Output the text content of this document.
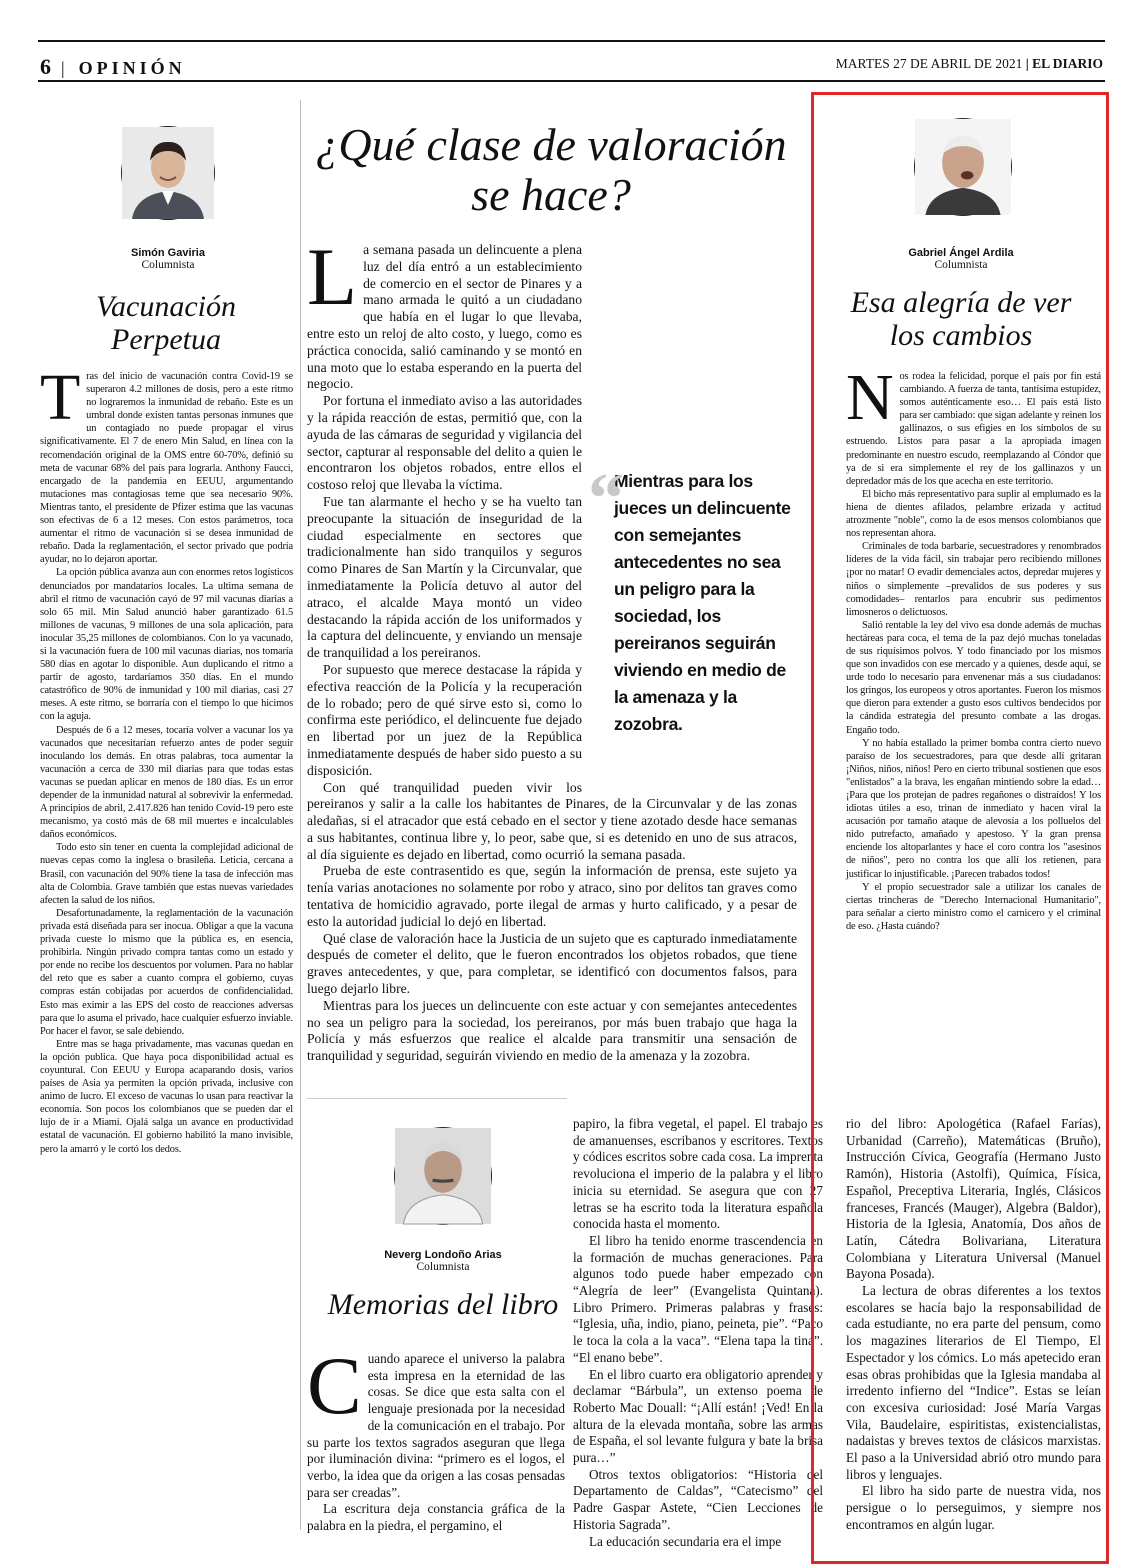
6 | OPINIÓN	MARTES 27 DE ABRIL DE 2021 | EL DIARIO
Simón Gaviria
Columnista
Vacunación
Perpetua
T ras del inicio de vacunación contra Covid-19 se superaron 4.2 millones de dosis, pero a este ritmo no lograremos la inmunidad de rebaño. Este es un umbral donde existen tantas personas inmunes que un contagiado no puede propagar el virus significativamente. El 7 de enero Min Salud, en línea con la recomendación original de la OMS entre 60-70%, definió su meta de vacunar 68% del país para lograrla. Anthony Faucci, encargado de la pandemia en EEUU, argumentando mutaciones mas contagiosas teme que sea necesario 90%. Mientras tanto, el presidente de Pfizer estima que las vacunas son efectivas de 6 a 12 meses. Con estos parámetros, toca aumentar el ritmo de vacunación si se desea inmunidad de rebaño. Dada la reglamentación, el sector privado que podría ayudar, no lo dejaron aportar.

La opción pública avanza aun con enormes retos logísticos denunciados por mandatarios locales. La ultima semana de abril el ritmo de vacunación cayó de 97 mil vacunas diarias a solo 65 mil. Min Salud anunció haber garantizado 61.5 millones de vacunas, 9 millones de una sola aplicación, para inocular 35,25 millones de colombianos. Con lo ya vacunado, si la vacunación fuera de 100 mil vacunas diarias, nos tomaría 580 días en agotar lo disponible. Aun duplicando el ritmo a partir de agosto, tardaríamos 350 días. En el mundo catastrófico de 90% de inmunidad y 100 mil diarias, casi 27 meses. A este ritmo, se borraría con el tiempo lo que hicimos con la aguja.

Después de 6 a 12 meses, tocaría volver a vacunar los ya vacunados que necesitarían refuerzo antes de poder seguir inoculando los demás. En otras palabras, toca aumentar la vacunación a cerca de 330 mil diarias para que todas estas vacunas se puedan aplicar en menos de 180 días. Es un error depender de la inmunidad natural al sobrevivir la enfermedad. A principios de abril, 2.417.826 han tenido Covid-19 pero este mecanismo, ya costó más de 68 mil muertes e incalculables daños económicos.

Todo esto sin tener en cuenta la complejidad adicional de nuevas cepas como la inglesa o brasileña. Leticia, cercana a Brasil, con vacunación del 90% tiene la tasa de infección mas alta de Colombia. Grave también que estas nuevas variedades afecten la salud de los niños.

Desafortunadamente, la reglamentación de la vacunación privada está diseñada para ser inocua. Obligar a que la vacuna privada cueste lo mismo que la pública es, en esencia, prohibirla. Ningún privado compra tantas como un estado y por ende no recibe los descuentos por volumen. Para no hablar del reto que es saber a cuanto compra el gobierno, cuyas compras están cobijadas por acuerdos de confidencialidad. Esto mas eximir a las EPS del costo de reacciones adversas para que lo asuma el privado, hace cualquier esfuerzo inviable. Por hacer el favor, se sale debiendo.

Entre mas se haga privadamente, mas vacunas quedan en la opción publica. Que haya poca disponibilidad actual es coyuntural. Con EEUU y Europa acaparando dosis, varios países de Asia ya permiten la opción privada, inclusive con animo de lucro. El exceso de vacunas lo usan para reactivar la economía. Son pocos los colombianos que se pueden dar el lujo de ir a Miami. Ojalá salga un avance en productividad estatal de vacunación. El gobierno habilitó la mano invisible, pero la amarró y le cortó los dedos.

¿Qué clase de valoración
se hace?
L a semana pasada un delincuente a plena luz del día entró a un establecimiento de comercio en el sector de Pinares y a mano armada le quitó a un ciudadano que había en el lugar lo que llevaba, entre esto un reloj de alto costo, y luego, como es práctica conocida, salió caminando y se montó en una moto que lo estaba esperando en la puerta del negocio.

Por fortuna el inmediato aviso a las autoridades y la rápida reacción de estas, permitió que, con la ayuda de las cámaras de seguridad y vigilancia del sector, capturar al responsable del delito a quien le encontraron los objetos robados, entre ellos el costoso reloj que llevaba la víctima.

Fue tan alarmante el hecho y se ha vuelto tan preocupante la situación de inseguridad de la ciudad especialmente en sectores que tradicionalmente han sido tranquilos y seguros como Pinares de San Martín y la Circunvalar, que inmediatamente la Policía detuvo al autor del atraco, el alcalde Maya montó un video destacando la rápida acción de los uniformados y la captura del delincuente, y enviando un mensaje de tranquilidad a los pereiranos.

Por supuesto que merece destacase la rápida y efectiva reacción de la Policía y la recuperación de lo robado; pero de qué sirve esto si, como lo confirma este periódico, el delincuente fue dejado en libertad por un juez de la República inmediatamente después de haber sido puesto a su disposición.

Con qué tranquilidad pueden vivir los pereiranos y salir a la calle los habitantes de Pinares, de la Circunvalar y de las zonas aledañas, si el atracador que está cebado en el sector y tiene azotado desde hace semanas a sus habitantes, continua libre y, lo peor, sabe que, si es detenido en uno de sus atracos, al día siguiente es dejado en libertad, como ocurrió la semana pasada.

Prueba de este contrasentido es que, según la información de prensa, este sujeto ya tenía varias anotaciones no solamente por robo y atraco, sino por delitos tan graves como tentativa de homicidio agravado, porte ilegal de armas y hurto calificado, y a pesar de esto la autoridad judicial lo dejó en libertad.

Qué clase de valoración hace la Justicia de un sujeto que es capturado inmediatamente después de cometer el delito, que le fueron encontrados los objetos robados, que tiene graves antecedentes, y que, para completar, se identificó con documentos falsos, para luego dejarlo libre.

Mientras para los jueces un delincuente con este actuar y con semejantes antecedentes no sea un peligro para la sociedad, los pereiranos, por más buen trabajo que haga la Policía y más esfuerzos que realice el alcalde para transmitir una sensación de tranquilidad y seguridad, seguirán viviendo en medio de la amenaza y la zozobra.

“
Mientras para los jueces un delincuente con semejantes antecedentes no sea un peligro para la sociedad, los pereiranos seguirán viviendo en medio de la amenaza y la zozobra.
Neverg Londoño Arias
Columnista
Memorias del libro
C uando aparece el universo la palabra esta impresa en la eternidad de las cosas. Se dice que esta salta con el lenguaje presionada por la necesidad de la comunicación en el trabajo. Por su parte los textos sagrados aseguran que llega por iluminación divina: “primero es el logos, el verbo, la idea que da origen a las cosas pensadas para ser creadas”.

La escritura deja constancia gráfica de la palabra en la piedra, el pergamino, el

papiro, la fibra vegetal, el papel. El trabajo es de amanuenses, escribanos y escritores. Textos y códices escritos sobre cada cosa. La imprenta revoluciona el imperio de la palabra y el libro inicia su eternidad. Se asegura que con 27 letras se ha escrito toda la literatura española conocida hasta el momento.

El libro ha tenido enorme trascendencia en la formación de muchas generaciones. Para algunos todo puede haber empezado con “Alegría de leer” (Evangelista Quintana). Libro Primero. Primeras palabras y frases: “Iglesia, uña, indio, piano, peineta, pie”. “Paco le toca la cola a la vaca”. “Elena tapa la tina”. “El enano bebe”.

En el libro cuarto era obligatorio aprender y declamar “Bárbula”, un extenso poema de Roberto Mac Douall: “¡Allí están! ¡Ved! En la altura de la elevada montaña, sobre las armas de España, el sol levante fulgura y bate la brisa pura…”

Otros textos obligatorios: “Historia del Departamento de Caldas”, “Catecismo” del Padre Gaspar Astete, “Cien Lecciones de Historia Sagrada”.

La educación secundaria era el impe

rio del libro: Apologética (Rafael Farías), Urbanidad (Carreño), Matemáticas (Bruño), Instrucción Cívica, Geografía (Hermano Justo Ramón), Historia (Astolfi), Química, Física, Español, Preceptiva Literaria, Inglés, Clásicos franceses, Francés (Mauger), Algebra (Baldor), Historia de la Iglesia, Anatomía, Dos años de Latín, Cátedra Bolivariana, Literatura Colombiana y Literatura Universal (Manuel Bayona Posada).

La lectura de obras diferentes a los textos escolares se hacía bajo la responsabilidad de cada estudiante, no era parte del pensum, como los magazines literarios de El Tiempo, El Espectador y los cómics. Lo más apetecido eran esas obras prohibidas que la Iglesia mandaba al irredento infierno del “Indice”. Estas se leían con excesiva curiosidad: José María Vargas Vila, Baudelaire, espiritistas, existencialistas, nadaistas y breves textos de clásicos marxistas. El paso a la Universidad abrió otro mundo para libros y lenguajes.

El libro ha sido parte de nuestra vida, nos persigue o lo perseguimos, y siempre nos encontramos en algún lugar.

Gabriel Ángel Ardila
Columnista
Esa alegría de ver
los cambios
N os rodea la felicidad, porque el país por fin está cambiando. A fuerza de tanta, tantísima estupidez, somos auténticamente eso… El país está listo para ser cambiado: que sigan adelante y reinen los gallinazos, o sus efigies en los símbolos de su estruendo. Listos para pasar a la apropiada imagen predominante en nuestro escudo, reemplazando al Cóndor que ya de si era simplemente el rey de los gallinazos y un depredador más de los que acecha en este territorio.

El bicho más representativo para suplir al emplumado es la hiena de dientes afilados, pelambre erizada y actitud atrozmente "noble", como la de esos mensos colombianos que nos representan ahora.

Criminales de toda barbarie, secuestradores y renombrados líderes de la vida fácil, sin trabajar pero recibiendo millones ¡por no matar! O evadir demenciales actos, depredar mujeres y niños o simplemente –prevalidos de sus poderes y sus comodidades– rentarlos para encubrir sus pedimentos limosneros o delictuosos.

Salió rentable la ley del vivo esa donde además de muchas hectáreas para coca, el tema de la paz dejó muchas toneladas de sus riquísimos polvos. Y todo financiado por los mismos que son invadidos con ese mercado y a quienes, desde aquí, se urde todo lo necesario para envenenar más a sus ciudadanos: los gringos, los europeos y otros aportantes. Fueron los mismos que dieron para extender a gusto esos cultivos bendecidos por la cándida estrategia del presunto combate a las drogas. Engaño todo.

Y no había estallado la primer bomba contra cierto nuevo paraíso de los secuestradores, para que desde allí gritaran ¡Niños, niños, niños! Pero en cierto tribunal sostienen que esos "enlistados" a la brava, les engañan mintiendo sobre la edad… ¡Para que los protejan de padres regañones o distraídos! Y los idiotas útiles a eso, trinan de inmediato y hacen viral la acusación por tamaño ataque de alevosía a los polluelos del nido putrefacto, amañado y apestoso. Y la gran prensa enciende los altoparlantes y hace el coro contra los "asesinos de niños", pero no contra los que allí los retienen, para justificar lo injustificable. ¡Parecen trabados todos!

Y el propio secuestrador sale a utilizar los canales de ciertas trincheras de "Derecho Internacional Humanitario", para señalar a cierto ministro como el carnicero y el criminal de eso. ¿Hasta cuándo?
